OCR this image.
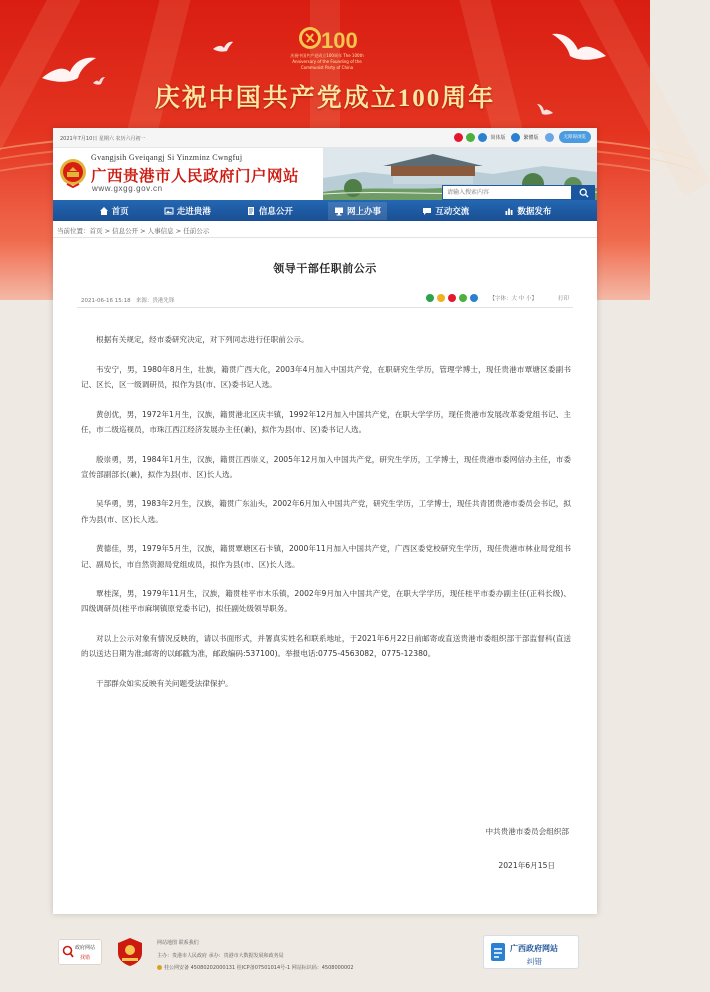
100
庆祝中国共产党成立100周年 The 100th Anniversary of the Founding of the Communist Party of China
庆祝中国共产党成立100周年
2021年7月10日 星期六 农历六月初一	简体版	繁體版	无障碍浏览
Gvangjsih Gveiqangj Si Yinzminz Cwngfuj
广西贵港市人民政府门户网站
www.gxgg.gov.cn
请输入搜索内容
首页	走进贵港	信息公开	网上办事	互动交流	数据发布
当前位置：首页 > 信息公开 > 人事信息 > 任前公示
领导干部任职前公示
2021-06-16 15:18 来源：贵港先锋	【字体：大 中 小】	打印

根据有关规定，经市委研究决定，对下列同志进行任职前公示。

韦安宁，男，1980年8月生，壮族，籍贯广西大化，2003年4月加入中国共产党，在职研究生学历，管理学博士，现任贵港市覃塘区委副书记、区长，区一级调研员，拟作为县(市、区)委书记人选。

黄创优，男，1972年1月生，汉族，籍贯港北区庆丰镇，1992年12月加入中国共产党，在职大学学历，现任贵港市发展改革委党组书记、主任，市二级巡视员，市珠江西江经济发展办主任(兼)，拟作为县(市、区)委书记人选。

殷崇勇，男，1984年1月生，汉族，籍贯江西崇义，2005年12月加入中国共产党，研究生学历，工学博士，现任贵港市委网信办主任，市委宣传部副部长(兼)，拟作为县(市、区)长人选。

吴华勇，男，1983年2月生，汉族，籍贯广东汕头，2002年6月加入中国共产党，研究生学历，工学博士，现任共青团贵港市委员会书记，拟作为县(市、区)长人选。

黄德佳，男，1979年5月生，汉族，籍贯覃塘区石卡镇，2000年11月加入中国共产党，广西区委党校研究生学历，现任贵港市林业局党组书记、副局长，市自然资源局党组成员，拟作为县(市、区)长人选。

覃桂深，男，1979年11月生，汉族，籍贯桂平市木乐镇，2002年9月加入中国共产党，在职大学学历，现任桂平市委办副主任(正科长级)、四级调研员(桂平市麻垌镇原党委书记)，拟任副处级领导职务。

对以上公示对象有情况反映的，请以书面形式，并署真实姓名和联系地址，于2021年6月22日前邮寄或直送贵港市委组织部干部监督科(直送的以送达日期为准;邮寄的以邮戳为准，邮政编码:537100)。举报电话:0775-4563082，0775-12380。

干部群众如实反映有关问题受法律保护。

中共贵港市委员会组织部
2021年6月15日
政府网站
找错
网站地图 联系我们
主办：贵港市人民政府 承办：贵港市大数据发展和政务局
桂公网安备 45080202000131 桂ICP备07501014号-1 网站标识码：4508000002
广西政府网站
纠错
